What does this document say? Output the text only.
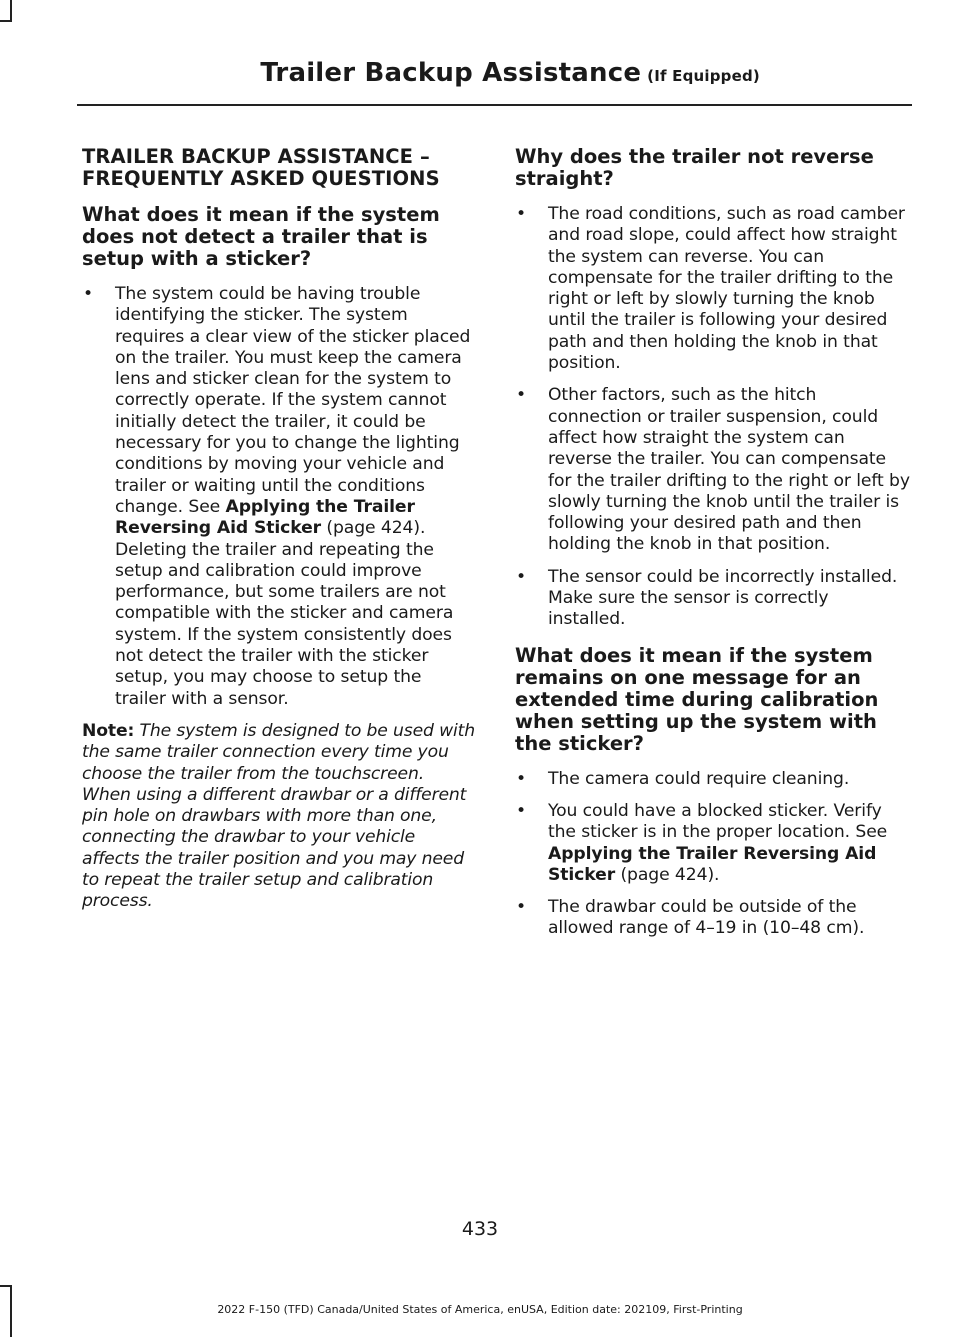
Trailer Backup Assistance (If Equipped)
TRAILER BACKUP ASSISTANCE – FREQUENTLY ASKED QUESTIONS
What does it mean if the system does not detect a trailer that is setup with a sticker?
• The system could be having trouble identifying the sticker. The system requires a clear view of the sticker placed on the trailer. You must keep the camera lens and sticker clean for the system to correctly operate. If the system cannot initially detect the trailer, it could be necessary for you to change the lighting conditions by moving your vehicle and trailer or waiting until the conditions change. See Applying the Trailer Reversing Aid Sticker (page 424). Deleting the trailer and repeating the setup and calibration could improve performance, but some trailers are not compatible with the sticker and camera system. If the system consistently does not detect the trailer with the sticker setup, you may choose to setup the trailer with a sensor.

Note: The system is designed to be used with the same trailer connection every time you choose the trailer from the touchscreen. When using a different drawbar or a different pin hole on drawbars with more than one, connecting the drawbar to your vehicle affects the trailer position and you may need to repeat the trailer setup and calibration process.

Why does the trailer not reverse straight?
• The road conditions, such as road camber and road slope, could affect how straight the system can reverse. You can compensate for the trailer drifting to the right or left by slowly turning the knob until the trailer is following your desired path and then holding the knob in that position.
• Other factors, such as the hitch connection or trailer suspension, could affect how straight the system can reverse the trailer. You can compensate for the trailer drifting to the right or left by slowly turning the knob until the trailer is following your desired path and then holding the knob in that position.
• The sensor could be incorrectly installed. Make sure the sensor is correctly installed.
What does it mean if the system remains on one message for an extended time during calibration when setting up the system with the sticker?
• The camera could require cleaning.
• You could have a blocked sticker. Verify the sticker is in the proper location. See Applying the Trailer Reversing Aid Sticker (page 424).
• The drawbar could be outside of the allowed range of 4–19 in (10–48 cm).
433
2022 F-150 (TFD) Canada/United States of America, enUSA, Edition date: 202109, First-Printing
